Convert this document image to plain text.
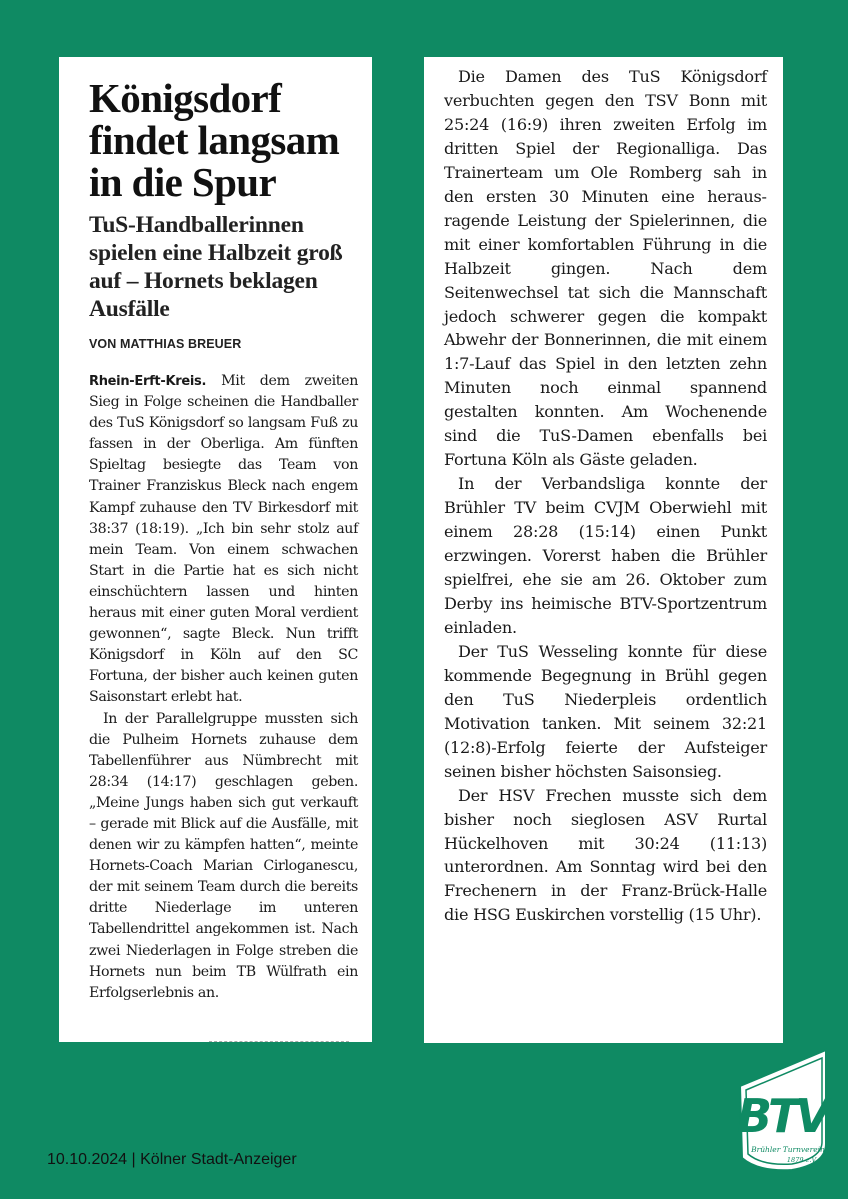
Königsdorf findet langsam in die Spur
TuS-Handballerinnen spielen eine Halbzeit groß auf – Hornets beklagen Ausfälle
VON MATTHIAS BREUER

Rhein-Erft-Kreis. Mit dem zweiten Sieg in Folge scheinen die Handballer des TuS Königsdorf so langsam Fuß zu fassen in der Oberliga. Am fünften Spieltag besiegte das Team von Trainer Franziskus Bleck nach engem Kampf zuhause den TV Birkesdorf mit 38:37 (18:19). „Ich bin sehr stolz auf mein Team. Von einem schwachen Start in die Partie hat es sich nicht einschüchtern lassen und hinten heraus mit einer guten Moral verdient gewonnen“, sagte Bleck. Nun trifft Königsdorf in Köln auf den SC Fortuna, der bisher auch keinen guten Saisonstart erlebt hat.

In der Parallelgruppe mussten sich die Pulheim Hornets zuhause dem Tabellenführer aus Nümbrecht mit 28:34 (14:17) geschlagen geben. „Meine Jungs haben sich gut verkauft – gerade mit Blick auf die Ausfälle, mit denen wir zu kämpfen hatten“, meinte Hornets-Coach Marian Cirloganescu, der mit seinem Team durch die bereits dritte Niederlage im unteren Tabellendrittel angekommen ist. Nach zwei Niederlagen in Folge streben die Hornets nun beim TB Wülfrath ein Erfolgserlebnis an.

Die Damen des TuS Königsdorf verbuchten gegen den TSV Bonn mit 25:24 (16:9) ihren zweiten Erfolg im dritten Spiel der Regionalliga. Das Trainerteam um Ole Romberg sah in den ersten 30 Minuten eine herausragende Leistung der Spielerinnen, die mit einer komfortablen Führung in die Halbzeit gingen. Nach dem Seitenwechsel tat sich die Mannschaft jedoch schwerer gegen die kompakt Abwehr der Bonnerinnen, die mit einem 1:7-Lauf das Spiel in den letzten zehn Minuten noch einmal spannend gestalten konnten. Am Wochenende sind die TuS-Damen ebenfalls bei Fortuna Köln als Gäste geladen.

In der Verbandsliga konnte der Brühler TV beim CVJM Oberwiehl mit einem 28:28 (15:14) einen Punkt erzwingen. Vorerst haben die Brühler spielfrei, ehe sie am 26. Oktober zum Derby ins heimische BTV-Sportzentrum einladen.

Der TuS Wesseling konnte für diese kommende Begegnung in Brühl gegen den TuS Niederpleis ordentlich Motivation tanken. Mit seinem 32:21 (12:8)-Erfolg feierte der Aufsteiger seinen bisher höchsten Saisonsieg.

Der HSV Frechen musste sich dem bisher noch sieglosen ASV Rurtal Hückelhoven mit 30:24 (11:13) unterordnen. Am Sonntag wird bei den Frechenern in der Franz-Brück-Halle die HSG Euskirchen vorstellig (15 Uhr).

10.10.2024 | Kölner Stadt-Anzeiger
BTV
Brühler Turnverein
1879 e.V.
